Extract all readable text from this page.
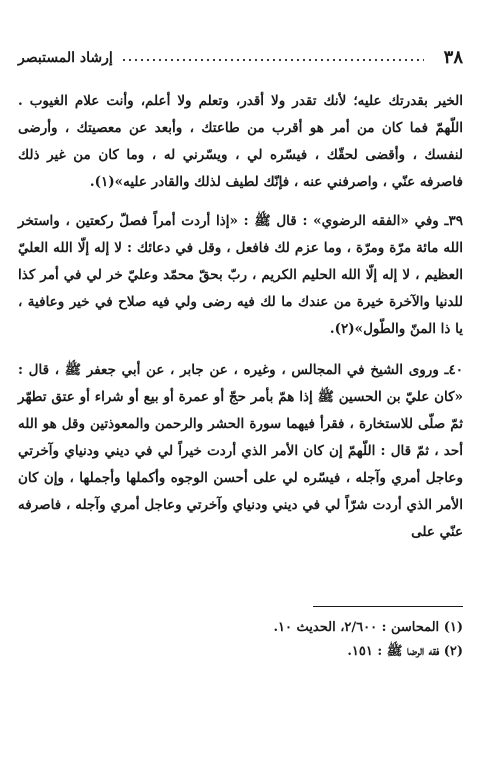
٣٨
إرشاد المستبصر

الخير بقدرتك عليه؛ لأنك تقدر ولا أقدر، وتعلم ولا أعلم، وأنت علام الغيوب . اللّهمّ فما كان من أمر هو أقرب من طاعتك ، وأبعد عن معصيتك ، وأرضى لنفسك ، وأقضى لحقّك ، فيسّره لي ، ويسّرني له ، وما كان من غير ذلك فاصرفه عنّي ، واصرفني عنه ، فإنّك لطيف لذلك والقادر عليه»(١).

٣٩ـ وفي «الفقه الرضوي» : قال ﷺ : «إذا أردت أمراً فصلّ ركعتين ، واستخر الله مائة مرّة ومرّة ، وما عزم لك فافعل ، وقل في دعائك : لا إله إلّا الله العليّ العظيم ، لا إله إلّا الله الحليم الكريم ، ربّ بحقّ محمّد وعليّ خر لي في أمر كذا للدنيا والآخرة خيرة من عندك ما لك فيه رضى ولي فيه صلاح في خير وعافية ، يا ذا المنّ والطّول»(٢).

٤٠ـ وروى الشيخ في المجالس ، وغيره ، عن جابر ، عن أبي جعفر ﷺ ، قال : «كان عليّ بن الحسين ﷺ إذا همّ بأمر حجّ أو عمرة أو بيع أو شراء أو عتق تطهّر ثمّ صلّى للاستخارة ، فقرأ فيهما سورة الحشر والرحمن والمعوذتين وقل هو الله أحد ، ثمّ قال : اللّهمّ إن كان الأمر الذي أردت خيراً لي في ديني ودنياي وآخرتي وعاجل أمري وآجله ، فيسّره لي على أحسن الوجوه وأكملها وأجملها ، وإن كان الأمر الذي أردت شرّاً لي في ديني ودنياي وآخرتي وعاجل أمري وآجله ، فاصرفه عنّي على

(١) المحاسن : ٢/٦٠٠، الحديث ١٠.

(٢) فقه الرضا ﷺ : ١٥١.
